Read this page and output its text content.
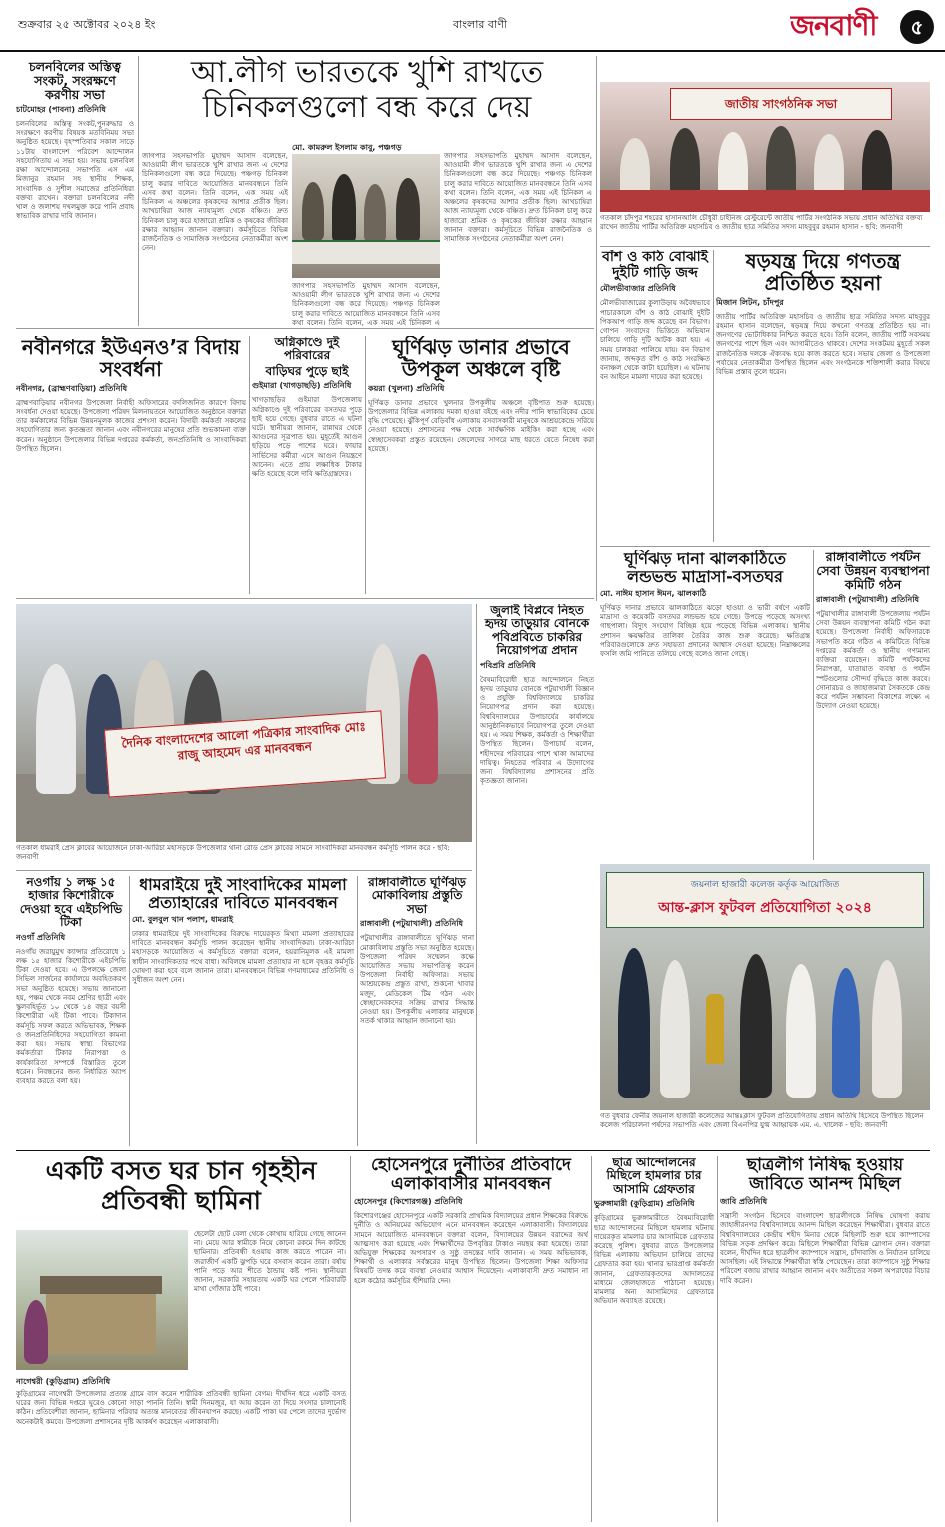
শুক্রবার ২৫ অক্টোবর ২০২৪ ইং	বাংলার বাণী	জনবাণী	৫
চলনবিলের অস্তিত্ব সংকট, সংরক্ষণে করণীয় সভা
চাটমোহর (পাবনা) প্রতিনিধি

চলনবিলের অস্তিত্ব সংকট,পুনরুদ্ধার ও সংরক্ষণে করণীয় বিষয়ক মতবিনিময় সভা অনুষ্ঠিত হয়েছে। বৃহস্পতিবার সকাল সাড়ে ১১টায় বাংলাদেশ পরিবেশ আন্দোলন সহযোগিতায় এ সভা হয়। সভায় চলনবিল রক্ষা আন্দোলনের সভাপতি এস এম মিজানুর রহমান সহ স্থানীয় শিক্ষক, সাংবাদিক ও সুশীল সমাজের প্রতিনিধিরা বক্তব্য রাখেন। বক্তারা চলনবিলের নদী খাল ও জলাশয় দখলমুক্ত করে পানি প্রবাহ স্বাভাবিক রাখার দাবি জানান।

আ.লীগ ভারতকে খুশি রাখতে চিনিকলগুলো বন্ধ করে দেয়
মো. কামরুল ইসলাম কাবু, পঞ্চগড়

জাগপার সহসভাপতি মুহাম্মদ আসাদ বলেছেন, আওয়ামী লীগ ভারতকে খুশি রাখার জন্য এ দেশের চিনিকলগুলো বন্ধ করে দিয়েছে। পঞ্চগড় চিনিকল চালু করার দাবিতে আয়োজিত মানববন্ধনে তিনি এসব কথা বলেন। তিনি বলেন, এক সময় এই চিনিকল এ অঞ্চলের কৃষকদের আশার প্রতীক ছিল। আখচাষিরা আজ ন্যায্যমূল্য থেকে বঞ্চিত। দ্রুত চিনিকল চালু করে হাজারো শ্রমিক ও কৃষকের জীবিকা রক্ষার আহ্বান জানান বক্তারা। কর্মসূচিতে বিভিন্ন রাজনৈতিক ও সামাজিক সংগঠনের নেতাকর্মীরা অংশ নেন।

জাগপার সহসভাপতি মুহাম্মদ আসাদ বলেছেন, আওয়ামী লীগ ভারতকে খুশি রাখার জন্য এ দেশের চিনিকলগুলো বন্ধ করে দিয়েছে। পঞ্চগড় চিনিকল চালু করার দাবিতে আয়োজিত মানববন্ধনে তিনি এসব কথা বলেন। তিনি বলেন, এক সময় এই চিনিকল এ

জাগপার সহসভাপতি মুহাম্মদ আসাদ বলেছেন, আওয়ামী লীগ ভারতকে খুশি রাখার জন্য এ দেশের চিনিকলগুলো বন্ধ করে দিয়েছে। পঞ্চগড় চিনিকল চালু করার দাবিতে আয়োজিত মানববন্ধনে তিনি এসব কথা বলেন। তিনি বলেন, এক সময় এই চিনিকল এ অঞ্চলের কৃষকদের আশার প্রতীক ছিল। আখচাষিরা আজ ন্যায্যমূল্য থেকে বঞ্চিত। দ্রুত চিনিকল চালু করে হাজারো শ্রমিক ও কৃষকের জীবিকা রক্ষার আহ্বান জানান বক্তারা। কর্মসূচিতে বিভিন্ন রাজনৈতিক ও সামাজিক সংগঠনের নেতাকর্মীরা অংশ নেন।

জাতীয় সাংগঠনিক সভা
গতকাল চাঁদপুর শহরের হাসানআলি চৌধুরী চাইনিজ রেস্টুরেন্টে জাতীয় পার্টির সংগঠনিক সভায় প্রধান অতিথির বক্তব্য রাখেন জাতীয় পার্টির অতিরিক্ত মহাসচিব ও জাতীয় ছাত্র সমিতির সদস্য মাহবুবুর রহমান হাসান - ছবি: জনবাণী
বাঁশ ও কাঠ বোঝাই দুইটি গাড়ি জব্দ
মৌলভীবাজার প্রতিনিধি

মৌলভীবাজারের কুলাউড়ায় অবৈধভাবে পাচারকালে বাঁশ ও কাঠ বোঝাই দুইটি পিকআপ গাড়ি জব্দ করেছে বন বিভাগ। গোপন সংবাদের ভিত্তিতে অভিযান চালিয়ে গাড়ি দুটি আটক করা হয়। এ সময় চালকরা পালিয়ে যায়। বন বিভাগ জানায়, জব্দকৃত বাঁশ ও কাঠ সংরক্ষিত বনাঞ্চল থেকে কাটা হয়েছিল। এ ঘটনায় বন আইনে মামলা দায়ের করা হয়েছে।

ষড়যন্ত্র দিয়ে গণতন্ত্র প্রতিষ্ঠিত হয়না
মিজান লিটন, চাঁদপুর

জাতীয় পার্টির অতিরিক্ত মহাসচিব ও জাতীয় ছাত্র সমিতির সদস্য মাহবুবুর রহমান হাসান বলেছেন, ষড়যন্ত্র দিয়ে কখনো গণতন্ত্র প্রতিষ্ঠিত হয় না। জনগণের ভোটাধিকার নিশ্চিত করতে হবে। তিনি বলেন, জাতীয় পার্টি সবসময় জনগণের পাশে ছিল এবং আগামীতেও থাকবে। দেশের সংকটময় মুহূর্তে সকল রাজনৈতিক দলকে ঐক্যবদ্ধ হয়ে কাজ করতে হবে। সভায় জেলা ও উপজেলা পর্যায়ের নেতাকর্মীরা উপস্থিত ছিলেন এবং সংগঠনকে শক্তিশালী করার বিষয়ে বিভিন্ন প্রস্তাব তুলে ধরেন।

নবীনগরে ইউএনও’র বিদায় সংবর্ধনা
নবীনগর, (ব্রাহ্মণবাড়িয়া) প্রতিনিধি

ব্রাহ্মণবাড়িয়ার নবীনগর উপজেলা নির্বাহী অফিসারের বদলিজনিত কারণে বিদায় সংবর্ধনা দেওয়া হয়েছে। উপজেলা পরিষদ মিলনায়তনে আয়োজিত অনুষ্ঠানে বক্তারা তার কর্মকালের বিভিন্ন উন্নয়নমূলক কাজের প্রশংসা করেন। বিদায়ী কর্মকর্তা সকলের সহযোগিতার জন্য কৃতজ্ঞতা জানান এবং নবীনগরের মানুষের প্রতি শুভকামনা ব্যক্ত করেন। অনুষ্ঠানে উপজেলার বিভিন্ন দপ্তরের কর্মকর্তা, জনপ্রতিনিধি ও সাংবাদিকরা উপস্থিত ছিলেন।

অগ্নিকাণ্ডে দুই পরিবারের
বাড়িঘর পুড়ে ছাই
গুইমারা (খাগড়াছড়ি) প্রতিনিধি

খাগড়াছড়ির গুইমারা উপজেলায় অগ্নিকাণ্ডে দুই পরিবারের বসতঘর পুড়ে ছাই হয়ে গেছে। বুধবার রাতে এ ঘটনা ঘটে। স্থানীয়রা জানান, রান্নাঘর থেকে আগুনের সূত্রপাত হয়। মুহূর্তেই আগুন ছড়িয়ে পড়ে পাশের ঘরে। ফায়ার সার্ভিসের কর্মীরা এসে আগুন নিয়ন্ত্রণে আনেন। এতে প্রায় লক্ষাধিক টাকার ক্ষতি হয়েছে বলে দাবি ক্ষতিগ্রস্তদের।

ঘূর্ণিঝড় ডানার প্রভাবে উপকূল অঞ্চলে বৃষ্টি
কয়রা (খুলনা) প্রতিনিধি

ঘূর্ণিঝড় ডানার প্রভাবে খুলনার উপকূলীয় অঞ্চলে বৃষ্টিপাত শুরু হয়েছে। উপজেলার বিভিন্ন এলাকায় দমকা হাওয়া বইছে এবং নদীর পানি স্বাভাবিকের চেয়ে বৃদ্ধি পেয়েছে। ঝুঁকিপূর্ণ বেড়িবাঁধ এলাকায় বসবাসকারী মানুষকে আশ্রয়কেন্দ্রে সরিয়ে নেওয়া হয়েছে। প্রশাসনের পক্ষ থেকে সার্বক্ষণিক মাইকিং করা হচ্ছে এবং স্বেচ্ছাসেবকরা প্রস্তুত রয়েছেন। জেলেদের সাগরে মাছ ধরতে যেতে নিষেধ করা হয়েছে।

ঘূর্ণিঝড় দানা ঝালকাঠিতে লন্ডভন্ড মাদ্রাসা-বসতঘর
মো. নাঈম হাসান ঈমন, ঝালকাঠি

ঘূর্ণিঝড় দানার প্রভাবে ঝালকাঠিতে ঝড়ো হাওয়া ও ভারী বর্ষণে একটি মাদ্রাসা ও কয়েকটি বসতঘর লন্ডভন্ড হয়ে গেছে। উপড়ে পড়েছে অসংখ্য গাছপালা। বিদ্যুৎ সংযোগ বিচ্ছিন্ন হয়ে পড়েছে বিভিন্ন এলাকায়। স্থানীয় প্রশাসন ক্ষয়ক্ষতির তালিকা তৈরির কাজ শুরু করেছে। ক্ষতিগ্রস্ত পরিবারগুলোকে দ্রুত সহায়তা প্রদানের আশ্বাস দেওয়া হয়েছে। নিম্নাঞ্চলের ফসলি জমি পানিতে তলিয়ে গেছে বলেও জানা গেছে।

রাঙ্গাবালীতে পর্যটন সেবা উন্নয়ন ব্যবস্থাপনা কমিটি গঠন
রাঙ্গাবালী (পটুয়াখালী) প্রতিনিধি

পটুয়াখালীর রাঙ্গাবালী উপজেলায় পর্যটন সেবা উন্নয়ন ব্যবস্থাপনা কমিটি গঠন করা হয়েছে। উপজেলা নির্বাহী অফিসারকে সভাপতি করে গঠিত এ কমিটিতে বিভিন্ন দপ্তরের কর্মকর্তা ও স্থানীয় গণ্যমান্য ব্যক্তিরা রয়েছেন। কমিটি পর্যটকদের নিরাপত্তা, যাতায়াত ব্যবস্থা ও পর্যটন স্পটগুলোর সৌন্দর্য বৃদ্ধিতে কাজ করবে। সোনারচর ও জাহাজমারা সৈকতকে কেন্দ্র করে পর্যটন সম্ভাবনা বিকাশের লক্ষ্যে এ উদ্যোগ নেওয়া হয়েছে।

দৈনিক বাংলাদেশের আলো পত্রিকার সাংবাদিক মোঃ রাজু আহমেদ এর মানববন্ধন
গতকাল ধামরাই প্রেস ক্লাবের আয়োজনে ঢাকা-আরিচা মহাসড়কে উপজেলার থানা রোড প্রেস ক্লাবের সামনে সাংবাদিকরা মানববন্ধন কর্মসূচি পালন করে - ছবি: জনবাণী
জুলাই বিপ্লবে নিহত হৃদয় তাড়ুয়ার বোনকে পবিপ্রবিতে চাকরির নিয়োগপত্র প্রদান
পবিপ্রবি প্রতিনিধি

বৈষম্যবিরোধী ছাত্র আন্দোলনে নিহত হৃদয় তাড়ুয়ার বোনকে পটুয়াখালী বিজ্ঞান ও প্রযুক্তি বিশ্ববিদ্যালয়ে চাকরির নিয়োগপত্র প্রদান করা হয়েছে। বিশ্ববিদ্যালয়ের উপাচার্যের কার্যালয়ে আনুষ্ঠানিকভাবে নিয়োগপত্র তুলে দেওয়া হয়। এ সময় শিক্ষক, কর্মকর্তা ও শিক্ষার্থীরা উপস্থিত ছিলেন। উপাচার্য বলেন, শহীদদের পরিবারের পাশে থাকা আমাদের দায়িত্ব। নিহতের পরিবার এ উদ্যোগের জন্য বিশ্ববিদ্যালয় প্রশাসনের প্রতি কৃতজ্ঞতা জানান।

নওগাঁয় ১ লক্ষ ১৫ হাজার কিশোরীকে দেওয়া হবে এইচপিভি টিকা
নওগাঁ প্রতিনিধি

নওগাঁয় জরায়ুমুখ ক্যান্সার প্রতিরোধে ১ লক্ষ ১৫ হাজার কিশোরীকে এইচপিভি টিকা দেওয়া হবে। এ উপলক্ষে জেলা সিভিল সার্জনের কার্যালয়ে অবহিতকরণ সভা অনুষ্ঠিত হয়েছে। সভায় জানানো হয়, পঞ্চম থেকে নবম শ্রেণির ছাত্রী এবং স্কুলবহির্ভূত ১০ থেকে ১৪ বছর বয়সী কিশোরীরা এই টিকা পাবে। টিকাদান কর্মসূচি সফল করতে অভিভাবক, শিক্ষক ও জনপ্রতিনিধিদের সহযোগিতা কামনা করা হয়। সভায় স্বাস্থ্য বিভাগের কর্মকর্তারা টিকার নিরাপত্তা ও কার্যকারিতা সম্পর্কে বিস্তারিত তুলে ধরেন। নিবন্ধনের জন্য নির্ধারিত অ্যাপ ব্যবহার করতে বলা হয়।

ধামরাইয়ে দুই সাংবাদিকের মামলা প্রত্যাহারের দাবিতে মানববন্ধন
মো. বুলবুল খান পলাশ, ধামরাই

ঢাকার ধামরাইয়ে দুই সাংবাদিকের বিরুদ্ধে দায়েরকৃত মিথ্যা মামলা প্রত্যাহারের দাবিতে মানববন্ধন কর্মসূচি পালন করেছেন স্থানীয় সাংবাদিকরা। ঢাকা-আরিচা মহাসড়কে আয়োজিত এ কর্মসূচিতে বক্তারা বলেন, হয়রানিমূলক এই মামলা স্বাধীন সাংবাদিকতার পথে বাধা। অবিলম্বে মামলা প্রত্যাহার না হলে বৃহত্তর কর্মসূচি ঘোষণা করা হবে বলে জানান তারা। মানববন্ধনে বিভিন্ন গণমাধ্যমের প্রতিনিধি ও সুধীজন অংশ নেন।

রাঙ্গাবালীতে ঘূর্ণিঝড় মোকাবিলায় প্রস্তুতি সভা
রাঙ্গাবালী (পটুয়াখালী) প্রতিনিধি

পটুয়াখালীর রাঙ্গাবালীতে ঘূর্ণিঝড় দানা মোকাবিলায় প্রস্তুতি সভা অনুষ্ঠিত হয়েছে। উপজেলা পরিষদ সম্মেলন কক্ষে আয়োজিত সভায় সভাপতিত্ব করেন উপজেলা নির্বাহী অফিসার। সভায় আশ্রয়কেন্দ্র প্রস্তুত রাখা, শুকনো খাবার মজুদ, মেডিকেল টিম গঠন এবং স্বেচ্ছাসেবকদের সক্রিয় রাখার সিদ্ধান্ত নেওয়া হয়। উপকূলীয় এলাকার মানুষকে সতর্ক থাকার আহ্বান জানানো হয়।

জয়নাল হাজারী কলেজ কর্তৃক আয়োজিত
আন্ত-ক্লাস ফুটবল প্রতিযোগিতা ২০২৪
গত বুধবার ফেনীর জয়নাল হাজারী কলেজের আন্তঃক্লাস ফুটবল প্রতিযোগিতায় প্রধান অতিথি হিসেবে উপস্থিত ছিলেন কলেজ পরিচালনা পর্ষদের সভাপতি এবং জেলা বিএনপির যুগ্ম আহ্বায়ক এম. এ. খালেক - ছবি: জনবাণী
একটি বসত ঘর চান গৃহহীন প্রতিবন্ধী ছামিনা
নাগেশ্বরী (কুড়িগ্রাম) প্রতিনিধি

ছেলেটা ছোট বেলা থেকে কোথায় হারিয়ে গেছে জানেন না। মেয়ে আর স্বামীকে নিয়ে কোনো রকমে দিন কাটছে ছামিনার। প্রতিবন্ধী হওয়ায় কাজ করতে পারেন না। জরাজীর্ণ একটি ঝুপড়ি ঘরে বসবাস করেন তারা। বর্ষায় পানি পড়ে আর শীতে ঠান্ডায় কষ্ট পান। স্থানীয়রা জানান, সরকারি সহায়তায় একটি ঘর পেলে পরিবারটি মাথা গোঁজার ঠাঁই পাবে।

কুড়িগ্রামের নাগেশ্বরী উপজেলার প্রত্যন্ত গ্রামে বাস করেন শারীরিক প্রতিবন্ধী ছামিনা বেগম। দীর্ঘদিন ধরে একটি বসত ঘরের জন্য বিভিন্ন দপ্তরে ঘুরেও কোনো সাড়া পাননি তিনি। স্বামী দিনমজুর, যা আয় করেন তা দিয়ে সংসার চালানোই কঠিন। প্রতিবেশীরা জানান, ছামিনার পরিবার অত্যন্ত মানবেতর জীবনযাপন করছে। একটি পাকা ঘর পেলে তাদের দুর্ভোগ অনেকটাই কমবে। উপজেলা প্রশাসনের দৃষ্টি আকর্ষণ করেছেন এলাকাবাসী।

হোসেনপুরে দুর্নীতির প্রতিবাদে এলাকাবাসীর মানববন্ধন
হোসেনপুর (কিশোরগঞ্জ) প্রতিনিধি

কিশোরগঞ্জের হোসেনপুরে একটি সরকারি প্রাথমিক বিদ্যালয়ের প্রধান শিক্ষকের বিরুদ্ধে দুর্নীতি ও অনিয়মের অভিযোগ এনে মানববন্ধন করেছেন এলাকাবাসী। বিদ্যালয়ের সামনে আয়োজিত মানববন্ধনে বক্তারা বলেন, বিদ্যালয়ের উন্নয়ন বরাদ্দের অর্থ আত্মসাৎ করা হয়েছে এবং শিক্ষার্থীদের উপবৃত্তির টাকাও নয়ছয় করা হয়েছে। তারা অভিযুক্ত শিক্ষকের অপসারণ ও সুষ্ঠু তদন্তের দাবি জানান। এ সময় অভিভাবক, শিক্ষার্থী ও এলাকার সর্বস্তরের মানুষ উপস্থিত ছিলেন। উপজেলা শিক্ষা অফিসার বিষয়টি তদন্ত করে ব্যবস্থা নেওয়ার আশ্বাস দিয়েছেন। এলাকাবাসী দ্রুত সমাধান না হলে কঠোর কর্মসূচির হুঁশিয়ারি দেন।

ছাত্র আন্দোলনের মিছিলে হামলার চার আসামি গ্রেফতার
ভুরুঙ্গামারী (কুড়িগ্রাম) প্রতিনিধি

কুড়িগ্রামের ভুরুঙ্গামারীতে বৈষম্যবিরোধী ছাত্র আন্দোলনের মিছিলে হামলার ঘটনায় দায়েরকৃত মামলার চার আসামিকে গ্রেফতার করেছে পুলিশ। বুধবার রাতে উপজেলার বিভিন্ন এলাকায় অভিযান চালিয়ে তাদের গ্রেফতার করা হয়। থানার ভারপ্রাপ্ত কর্মকর্তা জানান, গ্রেফতারকৃতদের আদালতের মাধ্যমে জেলহাজতে পাঠানো হয়েছে। মামলার অন্য আসামিদের গ্রেফতারে অভিযান অব্যাহত রয়েছে।

ছাত্রলীগ নিষিদ্ধ হওয়ায় জাবিতে আনন্দ মিছিল
জাবি প্রতিনিধি

সন্ত্রাসী সংগঠন হিসেবে বাংলাদেশ ছাত্রলীগকে নিষিদ্ধ ঘোষণা করায় জাহাঙ্গীরনগর বিশ্ববিদ্যালয়ে আনন্দ মিছিল করেছেন শিক্ষার্থীরা। বুধবার রাতে বিশ্ববিদ্যালয়ের কেন্দ্রীয় শহীদ মিনার থেকে মিছিলটি শুরু হয়ে ক্যাম্পাসের বিভিন্ন সড়ক প্রদক্ষিণ করে। মিছিলে শিক্ষার্থীরা বিভিন্ন স্লোগান দেন। বক্তারা বলেন, দীর্ঘদিন ধরে ছাত্রলীগ ক্যাম্পাসে সন্ত্রাস, চাঁদাবাজি ও নির্যাতন চালিয়ে আসছিল। এই সিদ্ধান্তে শিক্ষার্থীরা স্বস্তি পেয়েছেন। তারা ক্যাম্পাসে সুষ্ঠু শিক্ষার পরিবেশ বজায় রাখার আহ্বান জানান এবং অতীতের সকল অপরাধের বিচার দাবি করেন।
